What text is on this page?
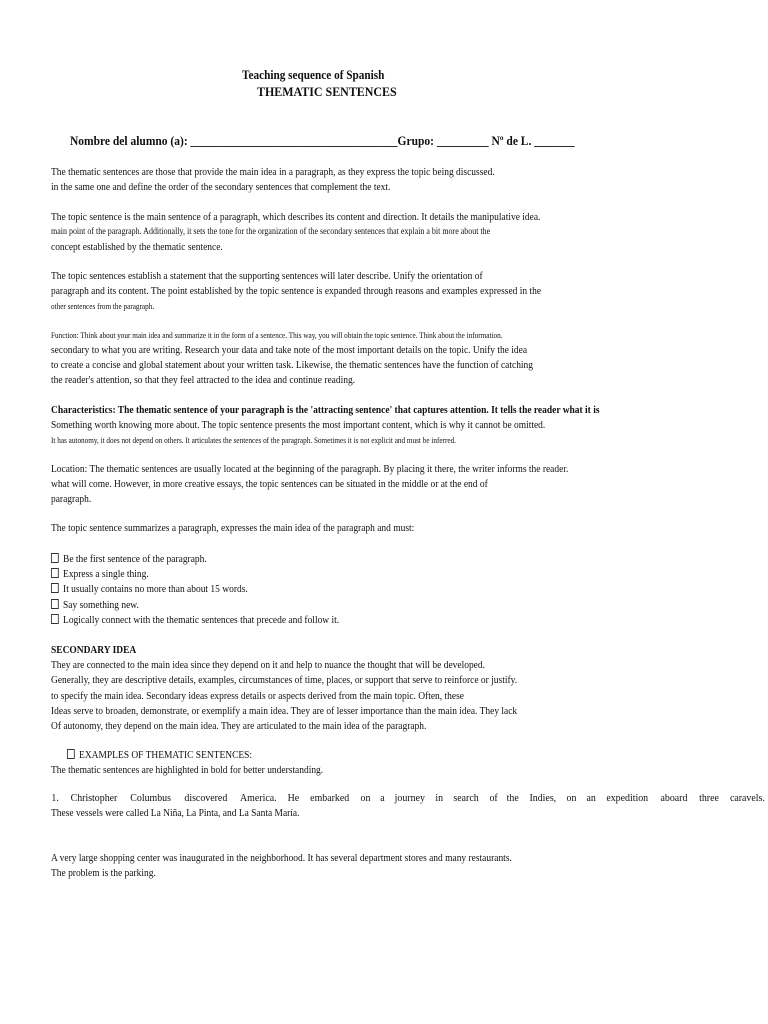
Teaching sequence of Spanish
THEMATIC SENTENCES
Nombre del alumno (a): ____________________________________Grupo: _________ Nº de L. _______
The thematic sentences are those that provide the main idea in a paragraph, as they express the topic being discussed.
in the same one and define the order of the secondary sentences that complement the text.
The topic sentence is the main sentence of a paragraph, which describes its content and direction. It details the manipulative idea.
main point of the paragraph. Additionally, it sets the tone for the organization of the secondary sentences that explain a bit more about the
concept established by the thematic sentence.
The topic sentences establish a statement that the supporting sentences will later describe. Unify the orientation of
paragraph and its content. The point established by the topic sentence is expanded through reasons and examples expressed in the
other sentences from the paragraph.
Function: Think about your main idea and summarize it in the form of a sentence. This way, you will obtain the topic sentence. Think about the information.
secondary to what you are writing. Research your data and take note of the most important details on the topic. Unify the idea
to create a concise and global statement about your written task. Likewise, the thematic sentences have the function of catching
the reader's attention, so that they feel attracted to the idea and continue reading.
Characteristics: The thematic sentence of your paragraph is the 'attracting sentence' that captures attention. It tells the reader what it is
Something worth knowing more about. The topic sentence presents the most important content, which is why it cannot be omitted.
It has autonomy, it does not depend on others. It articulates the sentences of the paragraph. Sometimes it is not explicit and must be inferred.
Location: The thematic sentences are usually located at the beginning of the paragraph. By placing it there, the writer informs the reader.
what will come. However, in more creative essays, the topic sentences can be situated in the middle or at the end of
paragraph.
The topic sentence summarizes a paragraph, expresses the main idea of the paragraph and must:
Be the first sentence of the paragraph.
Express a single thing.
It usually contains no more than about 15 words.
Say something new.
Logically connect with the thematic sentences that precede and follow it.
SECONDARY IDEA
They are connected to the main idea since they depend on it and help to nuance the thought that will be developed.
Generally, they are descriptive details, examples, circumstances of time, places, or support that serve to reinforce or justify.
to specify the main idea. Secondary ideas express details or aspects derived from the main topic. Often, these
Ideas serve to broaden, demonstrate, or exemplify a main idea. They are of lesser importance than the main idea. They lack
Of autonomy, they depend on the main idea. They are articulated to the main idea of the paragraph.
EXAMPLES OF THEMATIC SENTENCES:
The thematic sentences are highlighted in bold for better understanding.
1. Christopher Columbus discovered America. He embarked on a journey in search of the Indies, on an expedition aboard three caravels.
These vessels were called La Niña, La Pinta, and La Santa María.
A very large shopping center was inaugurated in the neighborhood. It has several department stores and many restaurants.
The problem is the parking.
